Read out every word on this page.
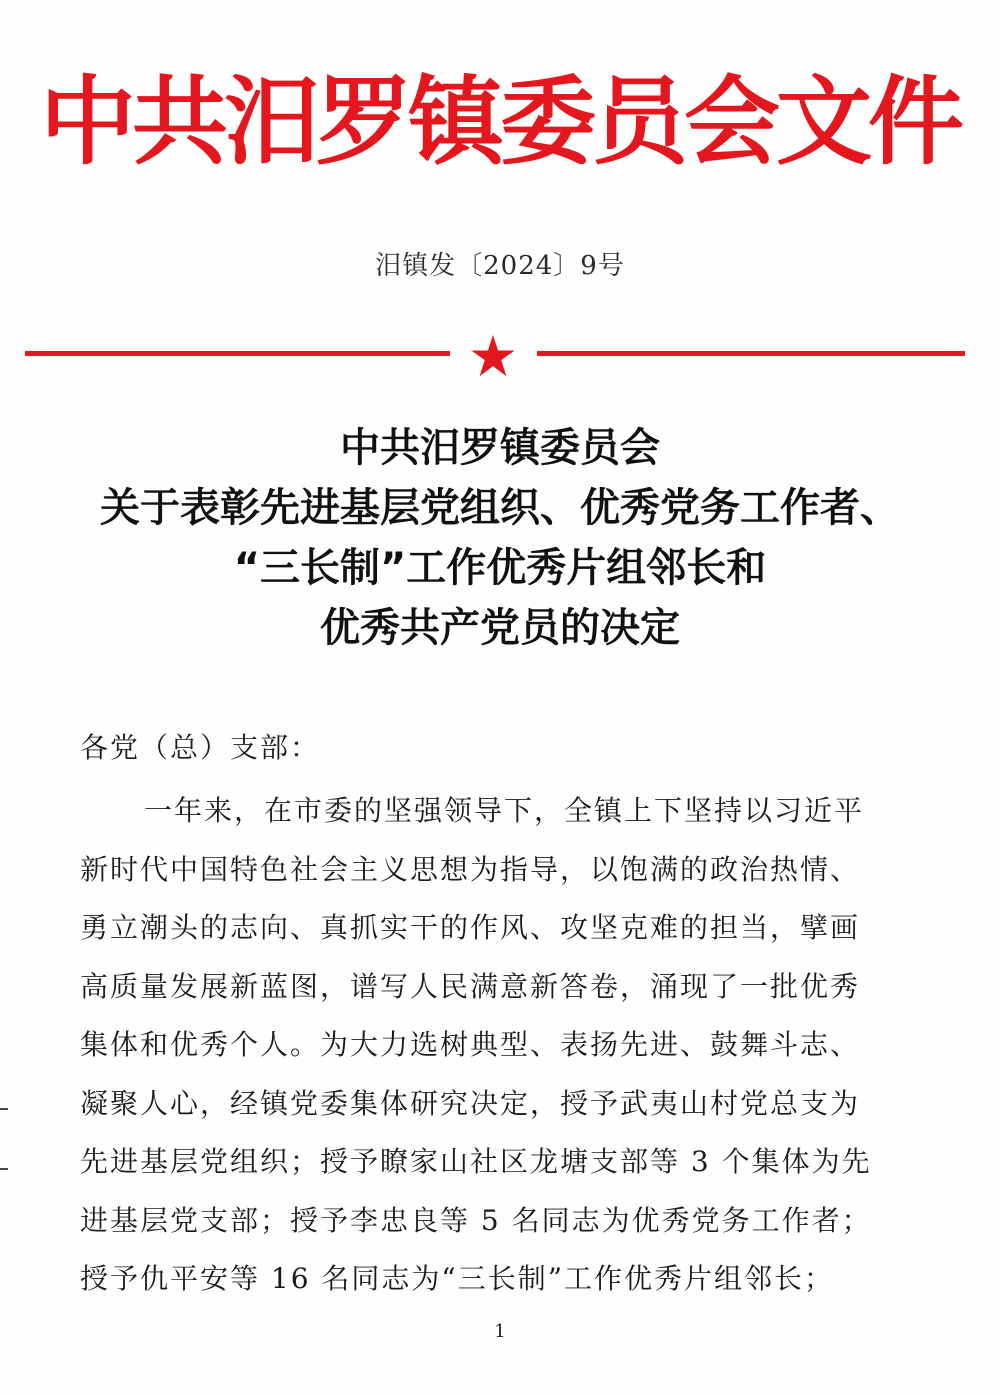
中共汨罗镇委员会文件
汨镇发〔2024〕9号
中共汨罗镇委员会
关于表彰先进基层党组织、优秀党务工作者、
“三长制”工作优秀片组邻长和
优秀共产党员的决定
各党（总）支部：
一年来，在市委的坚强领导下，全镇上下坚持以习近平
新时代中国特色社会主义思想为指导，以饱满的政治热情、
勇立潮头的志向、真抓实干的作风、攻坚克难的担当，擘画
高质量发展新蓝图，谱写人民满意新答卷，涌现了一批优秀
集体和优秀个人。为大力选树典型、表扬先进、鼓舞斗志、
凝聚人心，经镇党委集体研究决定，授予武夷山村党总支为
先进基层党组织；授予瞭家山社区龙塘支部等 3 个集体为先
进基层党支部；授予李忠良等 5 名同志为优秀党务工作者；
授予仇平安等 16 名同志为“三长制”工作优秀片组邻长；
1
